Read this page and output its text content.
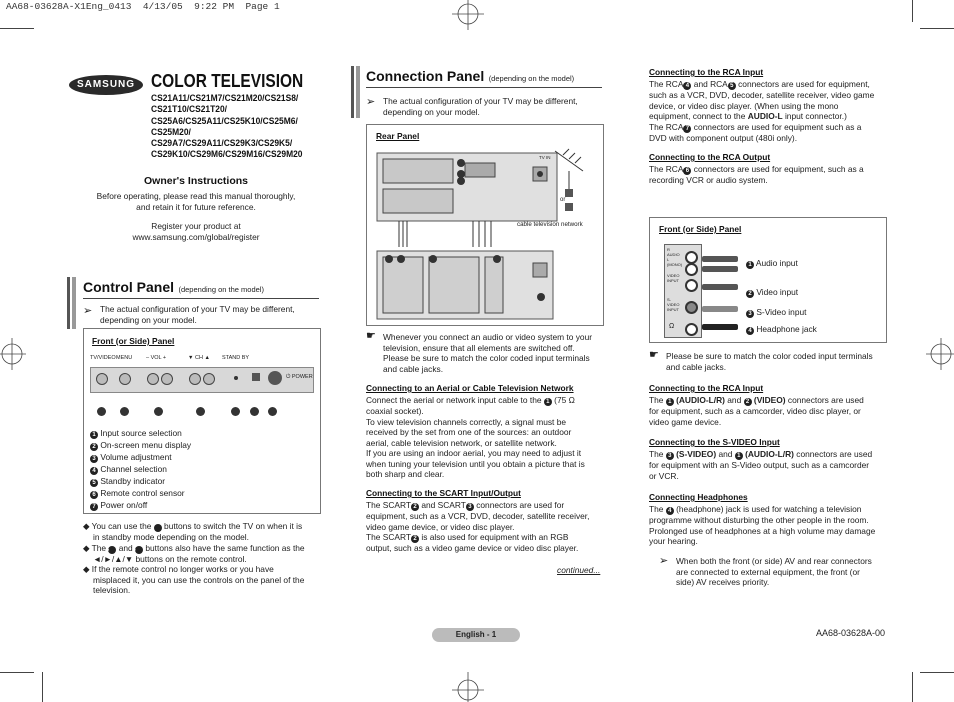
AA68-03628A-X1Eng_0413  4/13/05  9:22 PM  Page 1
SAMSUNG COLOR TELEVISION
CS21A11/CS21M7/CS21M20/CS21S8/
CS21T10/CS21T20/
CS25A6/CS25A11/CS25K10/CS25M6/
CS25M20/
CS29A7/CS29A11/CS29K3/CS29K5/
CS29K10/CS29M6/CS29M16/CS29M20
Owner's Instructions
Before operating, please read this manual thoroughly,
and retain it for future reference.
Register your product at
www.samsung.com/global/register
Control Panel (depending on the model)
➢ The actual configuration of your TV may be different,
depending on your model.
Front (or Side) Panel
TV/VIDEO MENU	– VOL +	▼ CH ▲ STAND BY
⏻ POWER
1 Input source selection
2 On-screen menu display
3 Volume adjustment
4 Channel selection
5 Standby indicator
6 Remote control sensor
7 Power on/off
◆ You can use the 7 buttons to switch the TV on when it is
in standby mode depending on the model.
◆ The 3 and 4 buttons also have the same function as the
◄/►/▲/▼ buttons on the remote control.
◆ If the remote control no longer works or you have
misplaced it, you can use the controls on the panel of the
television.
Connection Panel (depending on the model)
➢ The actual configuration of your TV may be different,
depending on your model.
Rear Panel
or
TV IN
cable television network
☛ Whenever you connect an audio or video system to your
television, ensure that all elements are switched off.
Please be sure to match the color coded input terminals
and cable jacks.
Connecting to an Aerial or Cable Television Network
Connect the aerial or network input cable to the 1 (75 Ω
coaxial socket).
To view television channels correctly, a signal must be
received by the set from one of the sources: an outdoor
aerial, cable television network, or satellite network.
If you are using an indoor aerial, you may need to adjust it
when tuning your television until you obtain a picture that is
both sharp and clear.
Connecting to the SCART Input/Output
The SCART 2 and SCART 3 connectors are used for
equipment, such as a VCR, DVD, decoder, satellite receiver,
video game device, or video disc player.
The SCART 2 is also used for equipment with an RGB
output, such as a video game device or video disc player.
continued...
Connecting to the RCA Input
The RCA 4 and RCA 5 connectors are used for equipment,
such as a VCR, DVD, decoder, satellite receiver, video game
device, or video disc player. (When using the mono
equipment, connect to the AUDIO-L input connector.)
The RCA 7 connectors are used for equipment such as a
DVD with component output (480i only).
Connecting to the RCA Output
The RCA 6 connectors are used for equipment, such as a
recording VCR or audio system.
Front (or Side) Panel
R AUDIO L (MONO)
VIDEO INPUT
S-VIDEO INPUT
Ω
1 Audio input
2 Video input
3 S-Video input
4 Headphone jack
☛ Please be sure to match the color coded input terminals
and cable jacks.
Connecting to the RCA Input
The 1 (AUDIO-L/R) and 2 (VIDEO) connectors are used
for equipment, such as a camcorder, video disc player, or
video game device.
Connecting to the S-VIDEO Input
The 3 (S-VIDEO) and 1 (AUDIO-L/R) connectors are used
for equipment with an S-Video output, such as a camcorder
or VCR.
Connecting Headphones
The 4 (headphone) jack is used for watching a television
programme without disturbing the other people in the room.
Prolonged use of headphones at a high volume may damage
your hearing.
➢ When both the front (or side) AV and rear connectors
are connected to external equipment, the front (or
side) AV receives priority.
English - 1	AA68-03628A-00
